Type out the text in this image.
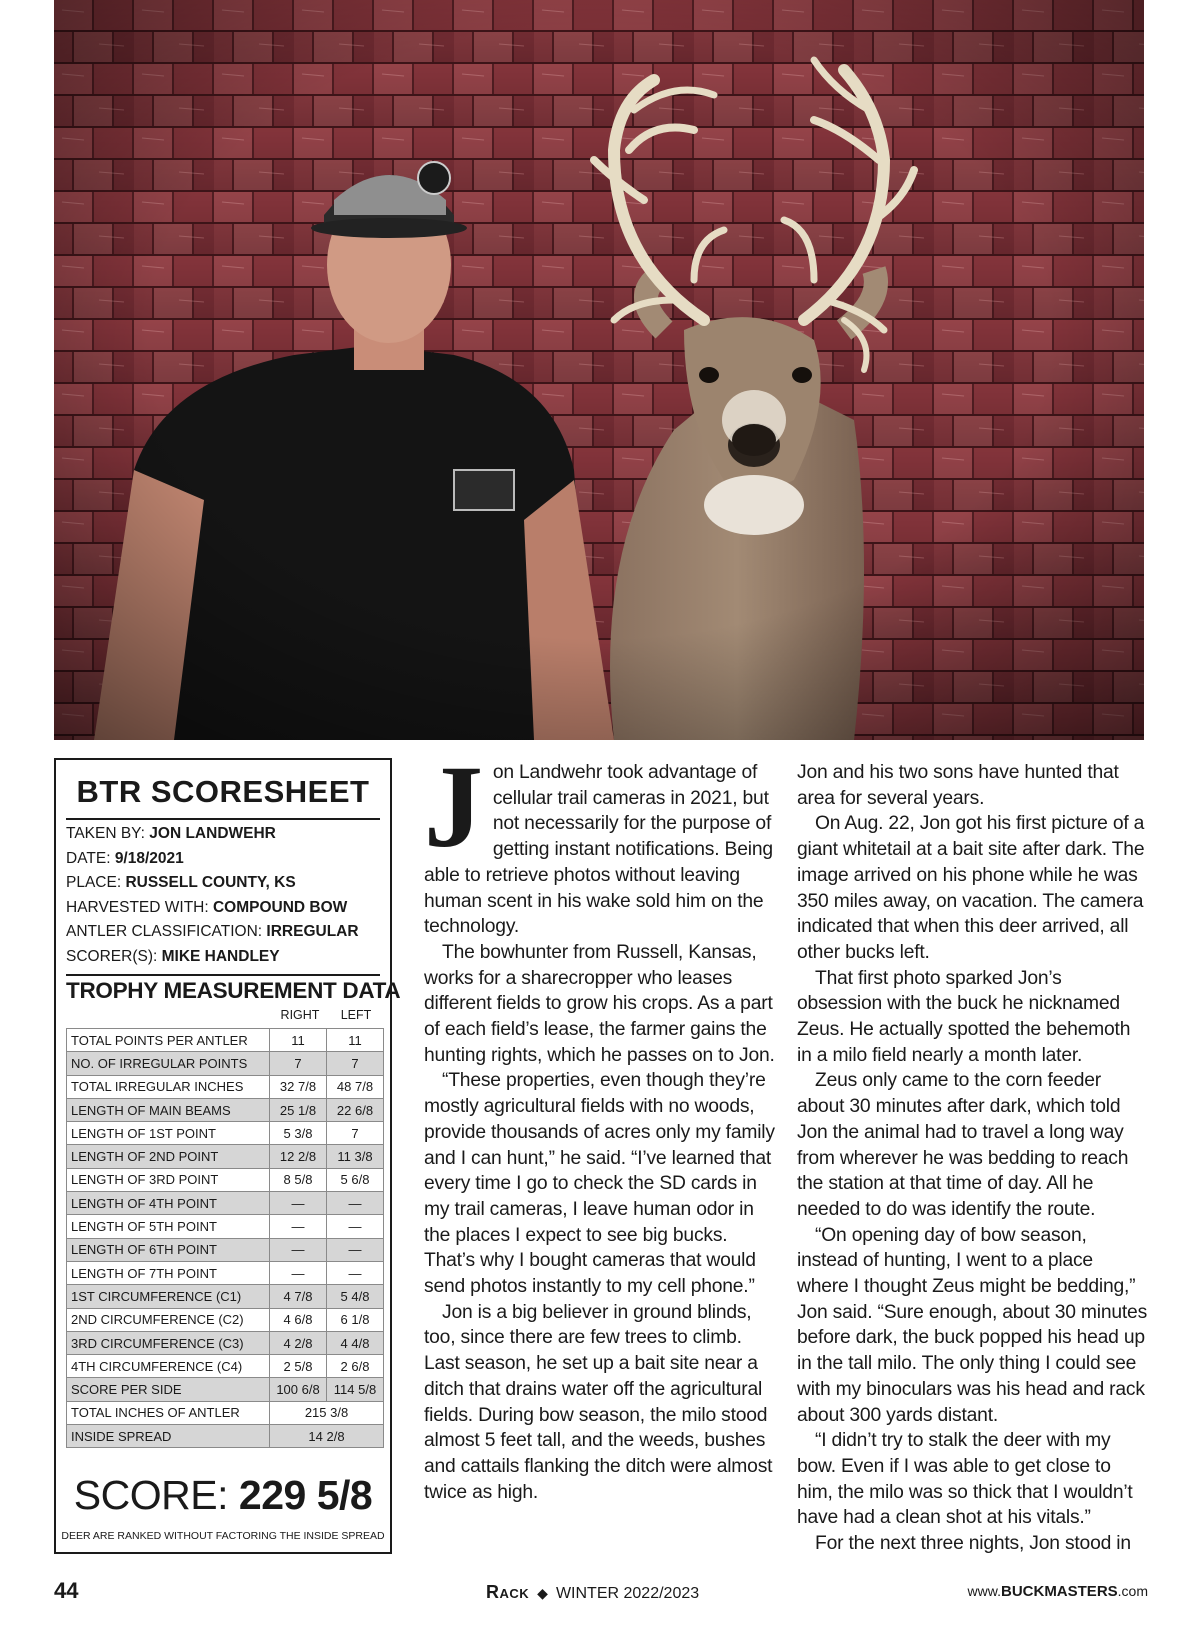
BTR SCORESHEET
TAKEN BY: JON LANDWEHR
DATE: 9/18/2021
PLACE: RUSSELL COUNTY, KS
HARVESTED WITH: COMPOUND BOW
ANTLER CLASSIFICATION: IRREGULAR
SCORER(S): MIKE HANDLEY
TROPHY MEASUREMENT DATA
RIGHT	LEFT
TOTAL POINTS PER ANTLER	11	11
NO. OF IRREGULAR POINTS	7	7
TOTAL IRREGULAR INCHES	32 7/8	48 7/8
LENGTH OF MAIN BEAMS	25 1/8	22 6/8
LENGTH OF 1ST POINT	5 3/8	7
LENGTH OF 2ND POINT	12 2/8	11 3/8
LENGTH OF 3RD POINT	8 5/8	5 6/8
LENGTH OF 4TH POINT	—	—
LENGTH OF 5TH POINT	—	—
LENGTH OF 6TH POINT	—	—
LENGTH OF 7TH POINT	—	—
1ST CIRCUMFERENCE (C1)	4 7/8	5 4/8
2ND CIRCUMFERENCE (C2)	4 6/8	6 1/8
3RD CIRCUMFERENCE (C3)	4 2/8	4 4/8
4TH CIRCUMFERENCE (C4)	2 5/8	2 6/8
SCORE PER SIDE	100 6/8	114 5/8
TOTAL INCHES OF ANTLER	215 3/8	
INSIDE SPREAD	14 2/8	
SCORE: 229 5/8
DEER ARE RANKED WITHOUT FACTORING THE INSIDE SPREAD
J on Landwehr took advantage of cellular trail cameras in 2021, but not necessarily for the purpose of getting instant notifications. Being able to retrieve photos without leaving human scent in his wake sold him on the technology.

The bowhunter from Russell, Kansas, works for a sharecropper who leases different fields to grow his crops. As a part of each field’s lease, the farmer gains the hunting rights, which he passes on to Jon.

“These properties, even though they’re mostly agricultural fields with no woods, provide thousands of acres only my family and I can hunt,” he said. “I’ve learned that every time I go to check the SD cards in my trail cameras, I leave human odor in the places I expect to see big bucks. That’s why I bought cameras that would send photos instantly to my cell phone.”

Jon is a big believer in ground blinds, too, since there are few trees to climb. Last season, he set up a bait site near a ditch that drains water off the agricultural fields. During bow season, the milo stood almost 5 feet tall, and the weeds, bushes and cattails flanking the ditch were almost twice as high.

Jon and his two sons have hunted that area for several years.

On Aug. 22, Jon got his first picture of a giant whitetail at a bait site after dark. The image arrived on his phone while he was 350 miles away, on vacation. The camera indicated that when this deer arrived, all other bucks left.

That first photo sparked Jon’s obsession with the buck he nicknamed Zeus. He actually spotted the behemoth in a milo field nearly a month later.

Zeus only came to the corn feeder about 30 minutes after dark, which told Jon the animal had to travel a long way from wherever he was bedding to reach the station at that time of day. All he needed to do was identify the route.

“On opening day of bow season, instead of hunting, I went to a place where I thought Zeus might be bedding,” Jon said. “Sure enough, about 30 minutes before dark, the buck popped his head up in the tall milo. The only thing I could see with my binoculars was his head and rack about 300 yards distant.

“I didn’t try to stalk the deer with my bow. Even if I was able to get close to him, the milo was so thick that I wouldn’t have had a clean shot at his vitals.”

For the next three nights, Jon stood in

44	Rack ◆ WINTER 2022/2023	www.BUCKMASTERS.com
